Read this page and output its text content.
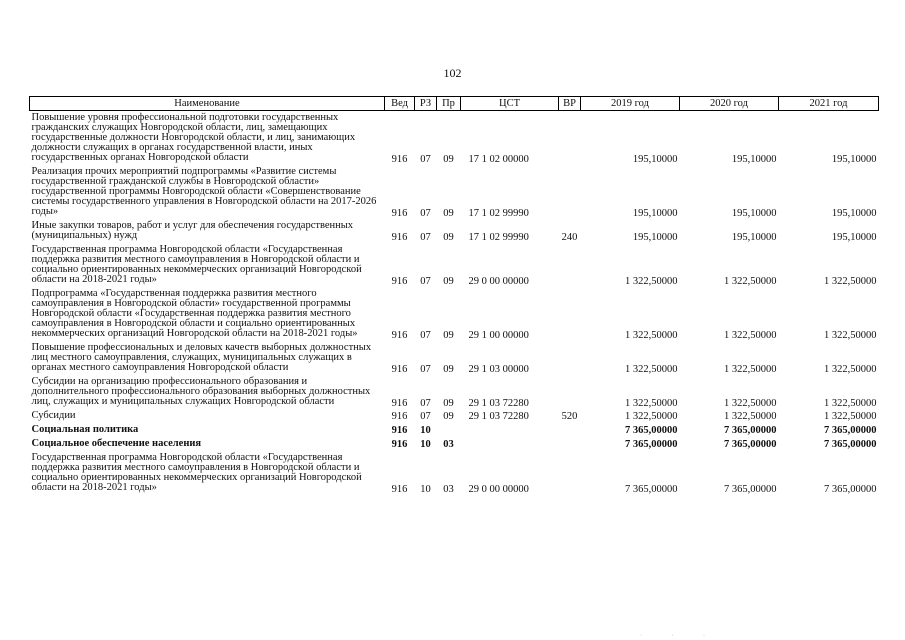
102
Наименование	Вед	РЗ	Пр	ЦСТ	ВР	2019 год	2020 год	2021 год
Повышение уровня профессиональной подготовки государственных гражданских служащих Новгородской области, лиц, замещающих государственные должности Новгородской области, и лиц, занимающих должности служащих в органах государственной власти, иных государственных органах Новгородской области	916	07	09	17 1 02 00000		195,10000	195,10000	195,10000
Реализация прочих мероприятий подпрограммы «Развитие системы государственной гражданской службы в Новгородской области» государственной программы Новгородской области «Совершенствование системы государственного управления в Новгородской области на 2017-2026 годы»	916	07	09	17 1 02 99990		195,10000	195,10000	195,10000
Иные закупки товаров, работ и услуг для обеспечения государственных (муниципальных) нужд	916	07	09	17 1 02 99990	240	195,10000	195,10000	195,10000
Государственная программа Новгородской области «Государственная поддержка развития местного самоуправления в Новгородской области и социально ориентированных некоммерческих организаций Новгородской области на 2018-2021 годы»	916	07	09	29 0 00 00000		1 322,50000	1 322,50000	1 322,50000
Подпрограмма «Государственная поддержка развития местного самоуправления в Новгородской области» государственной программы Новгородской области «Государственная поддержка развития местного самоуправления в Новгородской области и социально ориентированных некоммерческих организаций Новгородской области на 2018-2021 годы»	916	07	09	29 1 00 00000		1 322,50000	1 322,50000	1 322,50000
Повышение профессиональных и деловых качеств выборных должностных лиц местного самоуправления, служащих, муниципальных служащих в органах местного самоуправления Новгородской области	916	07	09	29 1 03 00000		1 322,50000	1 322,50000	1 322,50000
Субсидии на организацию профессионального образования и дополнительного профессионального образования выборных должностных лиц, служащих и муниципальных служащих Новгородской области	916	07	09	29 1 03 72280		1 322,50000	1 322,50000	1 322,50000
Субсидии	916	07	09	29 1 03 72280	520	1 322,50000	1 322,50000	1 322,50000
Социальная политика	916	10				7 365,00000	7 365,00000	7 365,00000
Социальное обеспечение населения	916	10	03			7 365,00000	7 365,00000	7 365,00000
Государственная программа Новгородской области «Государственная поддержка развития местного самоуправления в Новгородской области и социально ориентированных некоммерческих организаций Новгородской области на 2018-2021 годы»	916	10	03	29 0 00 00000		7 365,00000	7 365,00000	7 365,00000
· · ·
